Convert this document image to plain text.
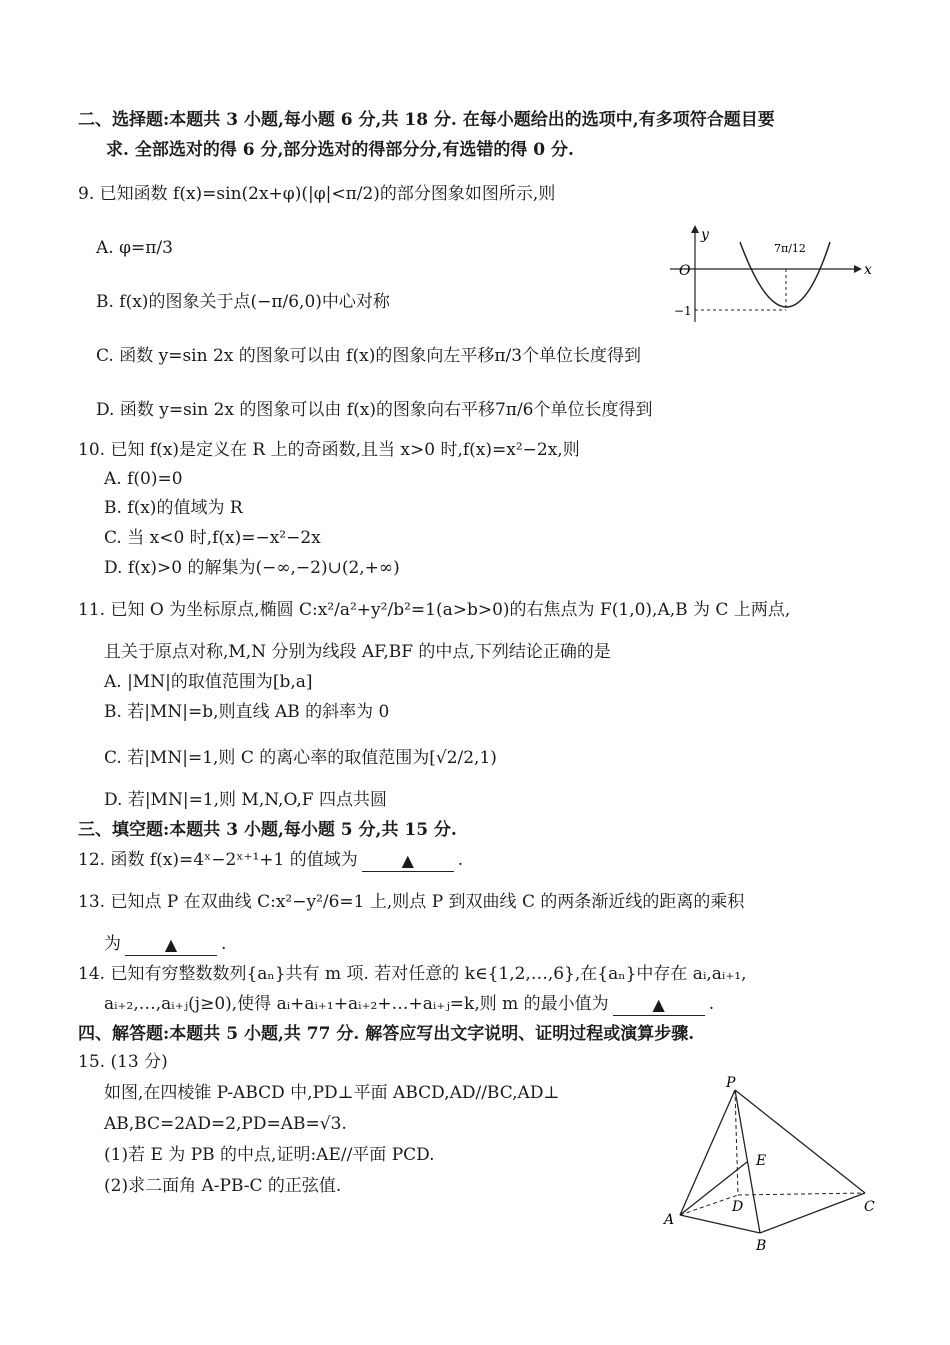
二、选择题:本题共 3 小题,每小题 6 分,共 18 分. 在每小题给出的选项中,有多项符合题目要
求. 全部选对的得 6 分,部分选对的得部分分,有选错的得 0 分.
9. 已知函数 f(x)=sin(2x+φ)(|φ|<π/2)的部分图象如图所示,则
A. φ=π/3
B. f(x)的图象关于点(−π/6,0)中心对称
C. 函数 y=sin 2x 的图象可以由 f(x)的图象向左平移π/3个单位长度得到
D. 函数 y=sin 2x 的图象可以由 f(x)的图象向右平移7π/6个单位长度得到
y
x
O
7π/12
−1
10. 已知 f(x)是定义在 R 上的奇函数,且当 x>0 时,f(x)=x²−2x,则
A. f(0)=0
B. f(x)的值域为 R
C. 当 x<0 时,f(x)=−x²−2x
D. f(x)>0 的解集为(−∞,−2)∪(2,+∞)
11. 已知 O 为坐标原点,椭圆 C:x²/a²+y²/b²=1(a>b>0)的右焦点为 F(1,0),A,B 为 C 上两点,
且关于原点对称,M,N 分别为线段 AF,BF 的中点,下列结论正确的是
A. |MN|的取值范围为[b,a]
B. 若|MN|=b,则直线 AB 的斜率为 0
C. 若|MN|=1,则 C 的离心率的取值范围为[√2/2,1)
D. 若|MN|=1,则 M,N,O,F 四点共圆
三、填空题:本题共 3 小题,每小题 5 分,共 15 分.
12. 函数 f(x)=4ˣ−2ˣ⁺¹+1 的值域为	▲	.
13. 已知点 P 在双曲线 C:x²−y²/6=1 上,则点 P 到双曲线 C 的两条渐近线的距离的乘积
为	▲	.
14. 已知有穷整数数列{aₙ}共有 m 项. 若对任意的 k∈{1,2,…,6},在{aₙ}中存在 aᵢ,aᵢ₊₁,
aᵢ₊₂,…,aᵢ₊ⱼ(j≥0),使得 aᵢ+aᵢ₊₁+aᵢ₊₂+…+aᵢ₊ⱼ=k,则 m 的最小值为	▲	.
四、解答题:本题共 5 小题,共 77 分. 解答应写出文字说明、证明过程或演算步骤.
15. (13 分)
如图,在四棱锥 P-ABCD 中,PD⊥平面 ABCD,AD//BC,AD⊥
AB,BC=2AD=2,PD=AB=√3.
(1)若 E 为 PB 的中点,证明:AE//平面 PCD.
(2)求二面角 A-PB-C 的正弦值.
P
A
B
C
D
E
